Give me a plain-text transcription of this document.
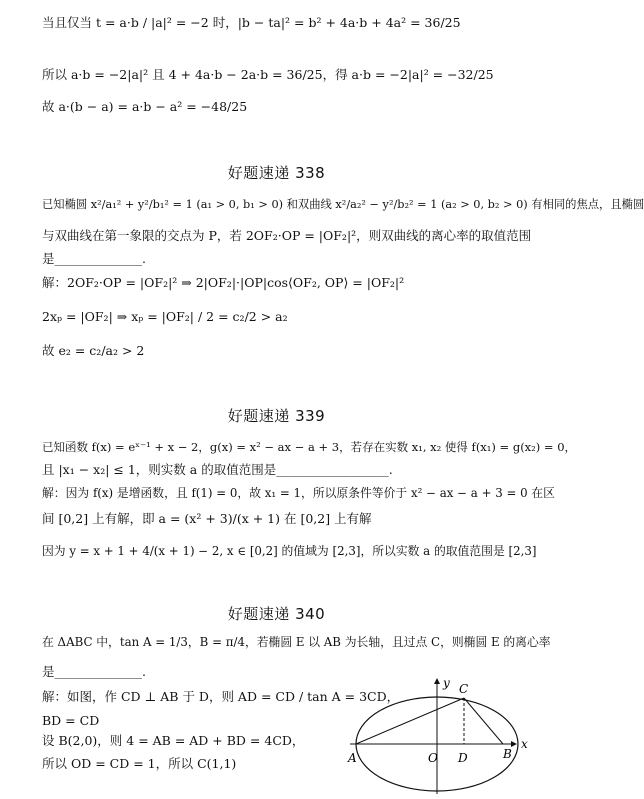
当且仅当 t = a·b / |a|² = −2 时，|b − ta|² = b² + 4a·b + 4a² = 36/25
所以 a·b = −2|a|² 且 4 + 4a·b − 2a·b = 36/25，得 a·b = −2|a|² = −32/25
故 a·(b − a) = a·b − a² = −48/25
好题速递 338
已知椭圆 x²/a₁² + y²/b₁² = 1 (a₁ > 0, b₁ > 0) 和双曲线 x²/a₂² − y²/b₂² = 1 (a₂ > 0, b₂ > 0) 有相同的焦点，且椭圆
与双曲线在第一象限的交点为 P，若 2OF₂·OP = |OF₂|²，则双曲线的离心率的取值范围
是______________.
解：2OF₂·OP = |OF₂|² ⇒ 2|OF₂|·|OP|cos⟨OF₂, OP⟩ = |OF₂|²
2xₚ = |OF₂| ⇒ xₚ = |OF₂| / 2 = c₂/2 > a₂
故 e₂ = c₂/a₂ > 2
好题速递 339
已知函数 f(x) = eˣ⁻¹ + x − 2，g(x) = x² − ax − a + 3，若存在实数 x₁, x₂ 使得 f(x₁) = g(x₂) = 0，
且 |x₁ − x₂| ≤ 1，则实数 a 的取值范围是__________________.
解：因为 f(x) 是增函数，且 f(1) = 0，故 x₁ = 1，所以原条件等价于 x² − ax − a + 3 = 0 在区
间 [0,2] 上有解，即 a = (x² + 3)/(x + 1) 在 [0,2] 上有解
因为 y = x + 1 + 4/(x + 1) − 2, x ∈ [0,2] 的值域为 [2,3]，所以实数 a 的取值范围是 [2,3]
好题速递 340
在 ΔABC 中，tan A = 1/3，B = π/4，若椭圆 E 以 AB 为长轴，且过点 C，则椭圆 E 的离心率
是______________.
解：如图，作 CD ⊥ AB 于 D，则 AD = CD / tan A = 3CD，
BD = CD
设 B(2,0)，则 4 = AB = AD + BD = 4CD，
所以 OD = CD = 1，所以 C(1,1)
y
x
A	O D	B
C
